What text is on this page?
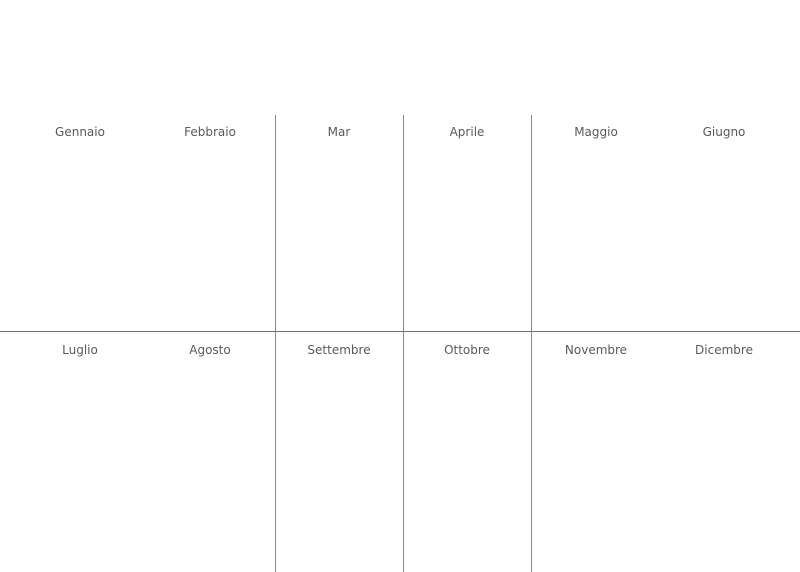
Gennaio	Febbraio	Mar	Aprile	Maggio	Giugno
Luglio	Agosto	Settembre	Ottobre	Novembre	Dicembre
